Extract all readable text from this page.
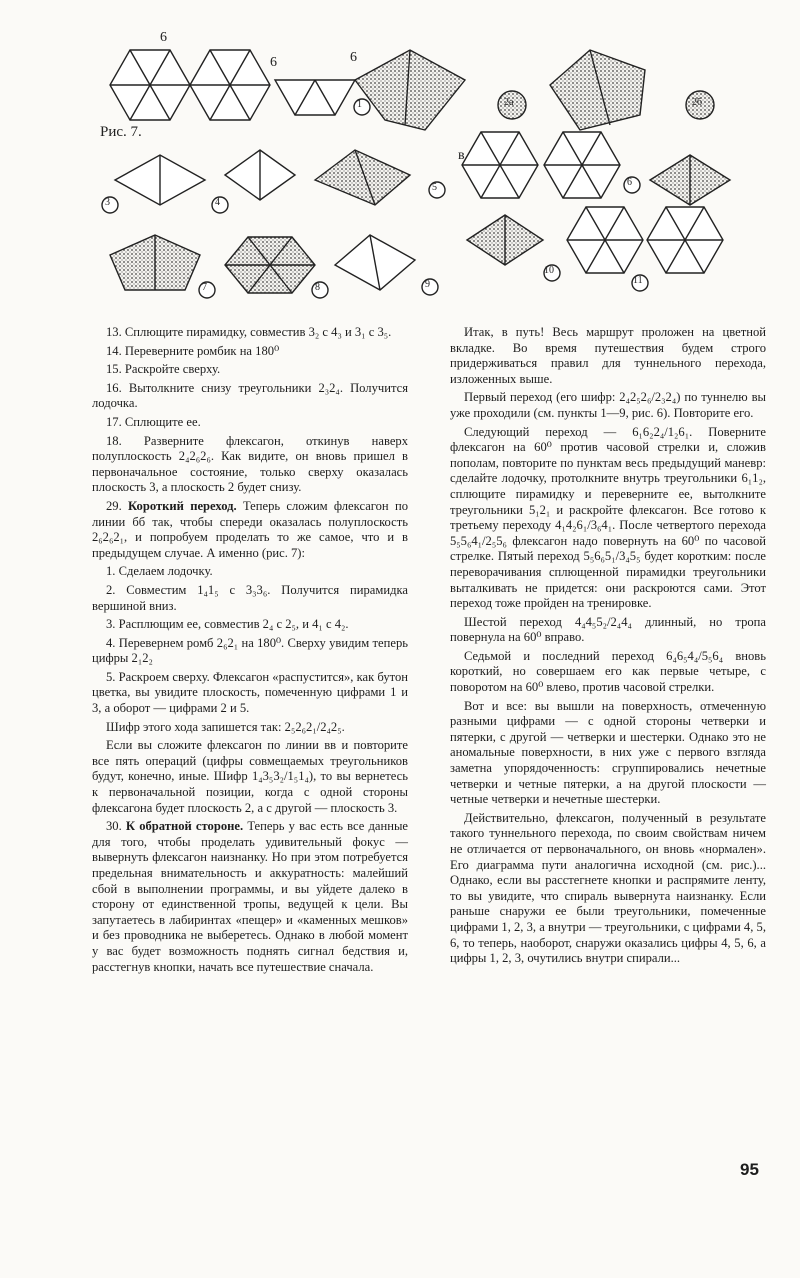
6
6	6
в
Рис. 7.
1	2а	2б
3	4
5	6
7	8	9
10
11

13. Сплющите пирамидку, совместив 3₂ с 4₃ и 3₁ с 3₅.

14. Переверните ромбик на 180⁰

15. Раскройте сверху.

16. Вытолкните снизу треугольники 2₃2₄. Получится лодочка.

17. Сплющите ее.

18. Разверните флексагон, откинув наверх полуплоскость 2₄2₆2₆. Как видите, он вновь пришел в первоначальное состояние, только сверху оказалась плоскость 3, а плоскость 2 будет снизу.

29. Короткий переход. Теперь сложим флексагон по линии бб так, чтобы спереди оказалась полуплоскость 2₆2₆2₁, и попробуем проделать то же самое, что и в предыдущем случае. А именно (рис. 7):

1. Сделаем лодочку.

2. Совместим 1₄1₅ с 3₃3₆. Получится пирамидка вершиной вниз.

3. Расплющим ее, совместив 2₄ с 2₅, и 4₁ с 4₂.

4. Перевернем ромб 2₆2₁ на 180⁰. Сверху увидим теперь цифры 2₁2₂

5. Раскроем сверху. Флексагон «распустится», как бутон цветка, вы увидите плоскость, помеченную цифрами 1 и 3, а оборот — цифрами 2 и 5.

Шифр этого хода запишется так: 2₅2₆2₁/2₄2₅.

Если вы сложите флексагон по линии вв и повторите все пять операций (цифры совмещаемых треугольников будут, конечно, иные. Шифр 1₄3₅3₂/1₅1₄), то вы вернетесь к первоначальной позиции, когда с одной стороны флексагона будет плоскость 2, а с другой — плоскость 3.

30. К обратной стороне. Теперь у вас есть все данные для того, чтобы проделать удивительный фокус — вывернуть флексагон наизнанку. Но при этом потребуется предельная внимательность и аккуратность: малейший сбой в выполнении программы, и вы уйдете далеко в сторону от единственной тропы, ведущей к цели. Вы запутаетесь в лабиринтах «пещер» и «каменных мешков» и без проводника не выберетесь. Однако в любой момент у вас будет возможность поднять сигнал бедствия и, расстегнув кнопки, начать все путешествие сначала.

Итак, в путь! Весь маршрут проложен на цветной вкладке. Во время путешествия будем строго придерживаться правил для туннельного перехода, изложенных выше.

Первый переход (его шифр: 2₄2₅2₆/2₃2₄) по туннелю вы уже проходили (см. пункты 1—9, рис. 6). Повторите его.

Следующий переход — 6₁6₂2₄/1₂6₁. Поверните флексагон на 60⁰ против часовой стрелки и, сложив пополам, повторите по пунктам весь предыдущий маневр: сделайте лодочку, протолкните внутрь треугольники 6₁1₂, сплющите пирамидку и переверните ее, вытолкните треугольники 5₁2₁ и раскройте флексагон. Все готово к третьему переходу 4₁4₂6₁/3₆4₁. После четвертого перехода 5₅5₆4₁/2₅5₆ флексагон надо повернуть на 60⁰ по часовой стрелке. Пятый переход 5₅6₆5₁/3₄5₅ будет коротким: после переворачивания сплющенной пирамидки треугольники выталкивать не придется: они раскроются сами. Этот переход тоже пройден на тренировке.

Шестой переход 4₄4₅5₂/2₄4₄ длинный, но тропа повернула на 60⁰ вправо.

Седьмой и последний переход 6₄6₅4₄/5₅6₄ вновь короткий, но совершаем его как первые четыре, с поворотом на 60⁰ влево, против часовой стрелки.

Вот и все: вы вышли на поверхность, отмеченную разными цифрами — с одной стороны четверки и пятерки, с другой — четверки и шестерки. Однако это не аномальные поверхности, в них уже с первого взгляда заметна упорядоченность: сгруппировались нечетные четверки и четные пятерки, а на другой плоскости — четные четверки и нечетные шестерки.

Действительно, флексагон, полученный в результате такого туннельного перехода, по своим свойствам ничем не отличается от первоначального, он вновь «нормален». Его диаграмма пути аналогична исходной (см. рис.)... Однако, если вы расстегнете кнопки и распрямите ленту, то вы увидите, что спираль вывернута наизнанку. Если раньше снаружи ее были треугольники, помеченные цифрами 1, 2, 3, а внутри — треугольники, с цифрами 4, 5, 6, то теперь, наоборот, снаружи оказались цифры 4, 5, 6, а цифры 1, 2, 3, очутились внутри спирали...

95
